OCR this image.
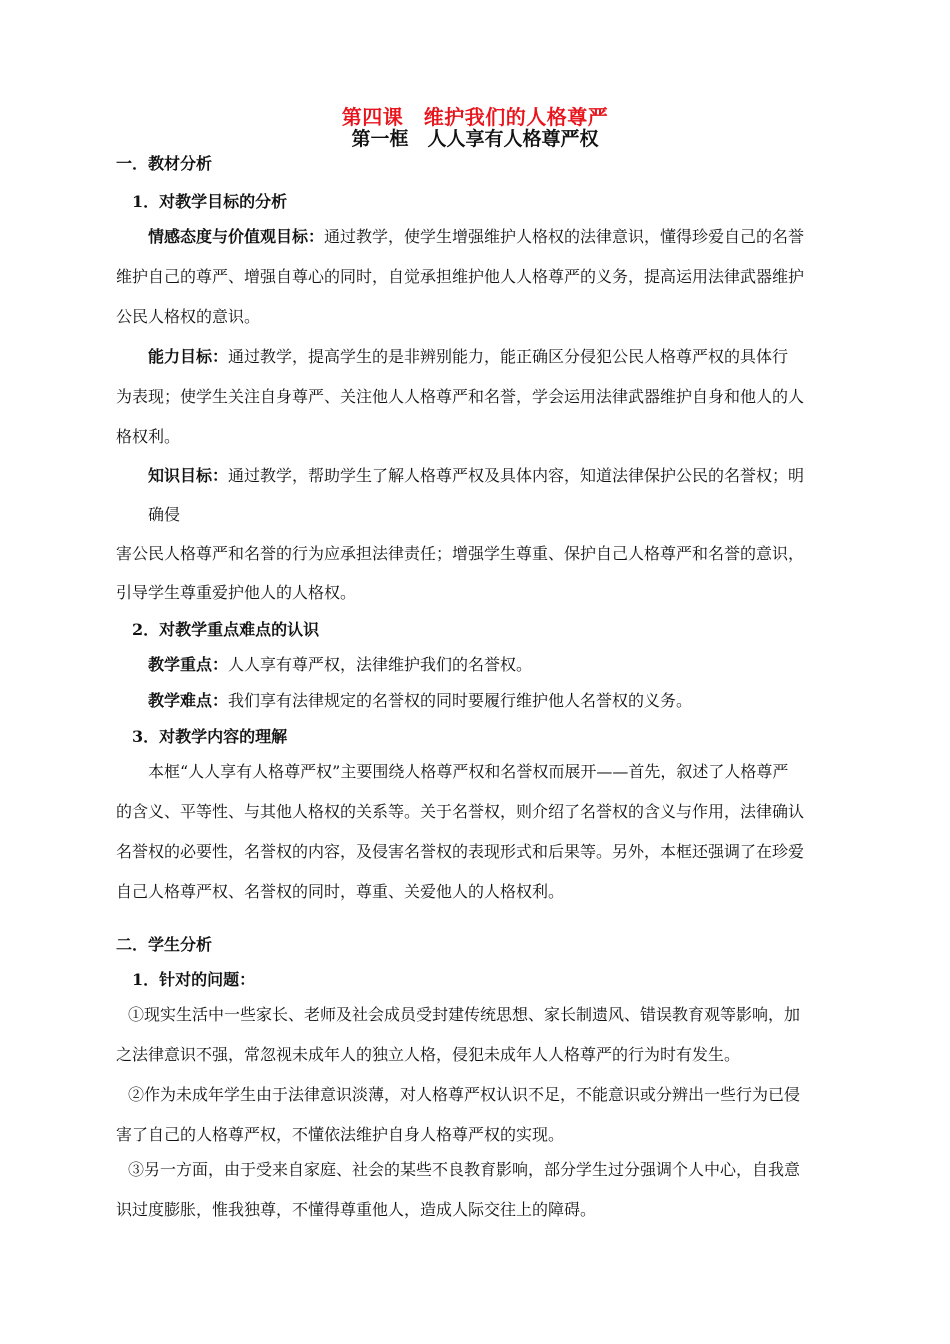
第四课　维护我们的人格尊严
第一框　人人享有人格尊严权
一．教材分析
1．对教学目标的分析
情感态度与价值观目标：通过教学，使学生增强维护人格权的法律意识，懂得珍爱自己的名誉
维护自己的尊严、增强自尊心的同时，自觉承担维护他人人格尊严的义务，提高运用法律武器维护
公民人格权的意识。
能力目标：通过教学，提高学生的是非辨别能力，能正确区分侵犯公民人格尊严权的具体行
为表现；使学生关注自身尊严、关注他人人格尊严和名誉，学会运用法律武器维护自身和他人的人
格权利。
知识目标：通过教学，帮助学生了解人格尊严权及具体内容，知道法律保护公民的名誉权；明
确侵
害公民人格尊严和名誉的行为应承担法律责任；增强学生尊重、保护自己人格尊严和名誉的意识，
引导学生尊重爱护他人的人格权。
2．对教学重点难点的认识
教学重点：人人享有尊严权，法律维护我们的名誉权。
教学难点：我们享有法律规定的名誉权的同时要履行维护他人名誉权的义务。
3．对教学内容的理解
本框“人人享有人格尊严权”主要围绕人格尊严权和名誉权而展开——首先，叙述了人格尊严
的含义、平等性、与其他人格权的关系等。关于名誉权，则介绍了名誉权的含义与作用，法律确认
名誉权的必要性，名誉权的内容，及侵害名誉权的表现形式和后果等。另外，本框还强调了在珍爱
自己人格尊严权、名誉权的同时，尊重、关爱他人的人格权利。
二．学生分析
1．针对的问题：
①现实生活中一些家长、老师及社会成员受封建传统思想、家长制遗风、错误教育观等影响，加
之法律意识不强，常忽视未成年人的独立人格，侵犯未成年人人格尊严的行为时有发生。
②作为未成年学生由于法律意识淡薄，对人格尊严权认识不足，不能意识或分辨出一些行为已侵
害了自己的人格尊严权，不懂依法维护自身人格尊严权的实现。
③另一方面，由于受来自家庭、社会的某些不良教育影响，部分学生过分强调个人中心，自我意
识过度膨胀，惟我独尊，不懂得尊重他人，造成人际交往上的障碍。
